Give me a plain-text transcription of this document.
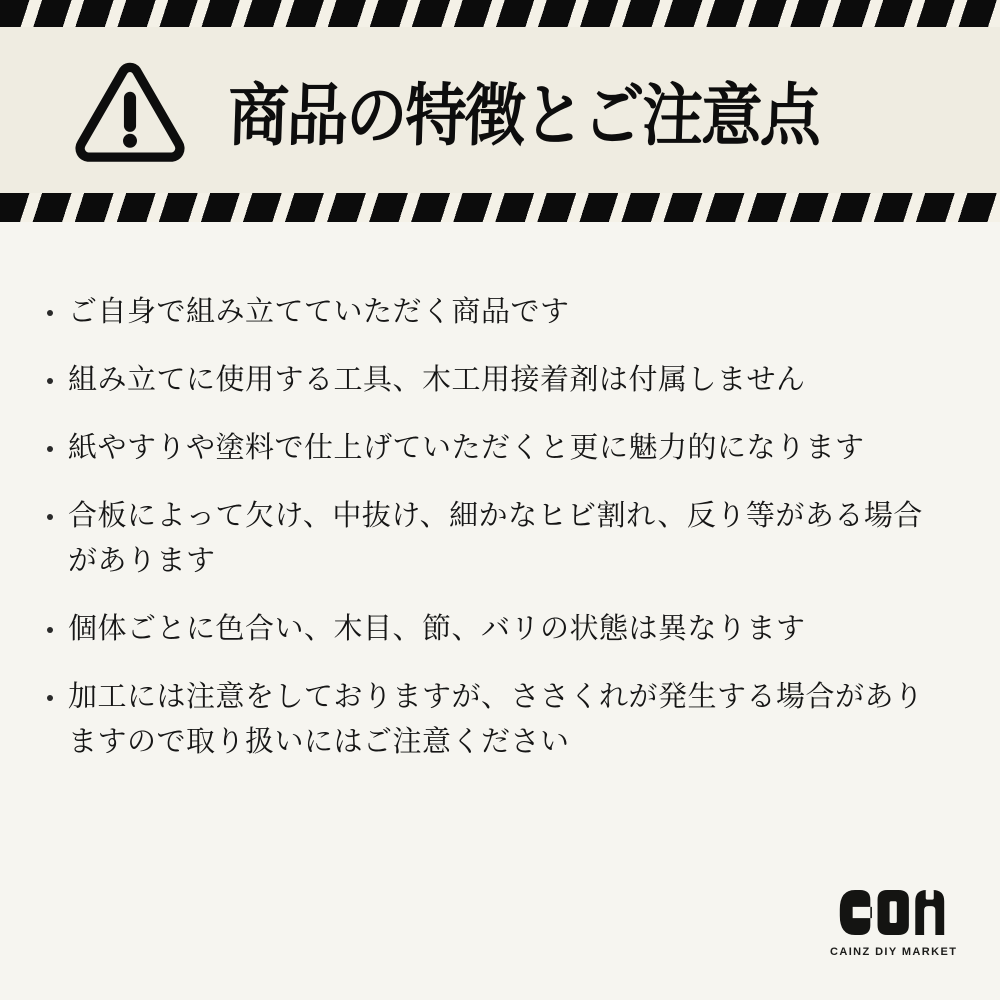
商品の特徴とご注意点
ご自身で組み立てていただく商品です
組み立てに使用する工具、木工用接着剤は付属しません
紙やすりや塗料で仕上げていただくと更に魅力的になります
合板によって欠け、中抜け、細かなヒビ割れ、反り等がある場合があります
個体ごとに色合い、木目、節、バリの状態は異なります
加工には注意をしておりますが、ささくれが発生する場合がありますので取り扱いにはご注意ください
CAINZ DIY MARKET
